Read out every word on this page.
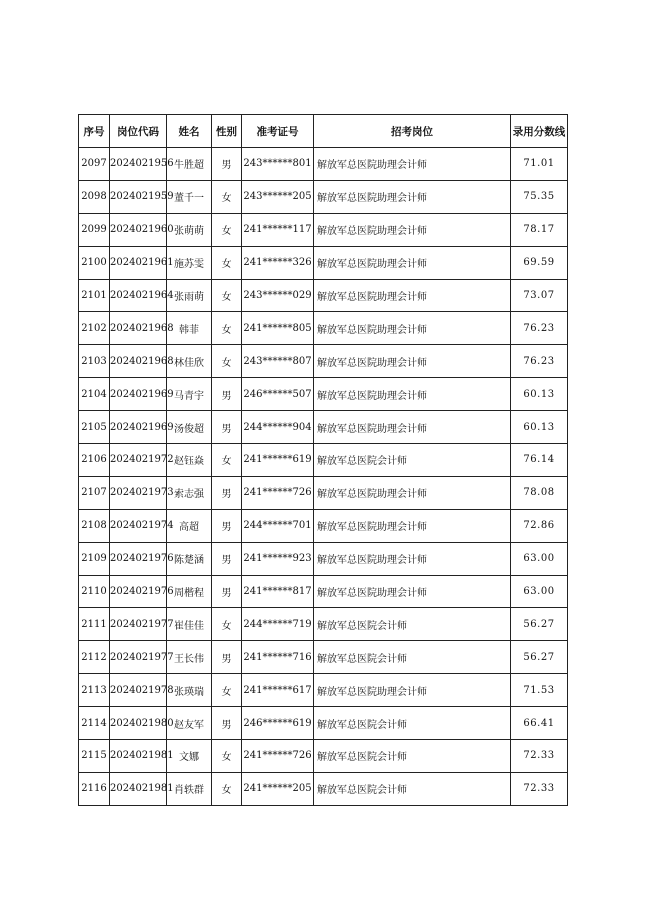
序号	岗位代码	姓名	性别	准考证号	招考岗位	录用分数线
2097	2024021956	牛胜超	男	243******801	解放军总医院助理会计师	71.01
2098	2024021959	董千一	女	243******205	解放军总医院助理会计师	75.35
2099	2024021960	张萌萌	女	241******117	解放军总医院助理会计师	78.17
2100	2024021961	施苏雯	女	241******326	解放军总医院助理会计师	69.59
2101	2024021964	张雨萌	女	243******029	解放军总医院助理会计师	73.07
2102	2024021968	韩菲	女	241******805	解放军总医院助理会计师	76.23
2103	2024021968	林佳欣	女	243******807	解放军总医院助理会计师	76.23
2104	2024021969	马青宇	男	246******507	解放军总医院助理会计师	60.13
2105	2024021969	汤俊超	男	244******904	解放军总医院助理会计师	60.13
2106	2024021972	赵钰焱	女	241******619	解放军总医院会计师	76.14
2107	2024021973	索志强	男	241******726	解放军总医院助理会计师	78.08
2108	2024021974	高超	男	244******701	解放军总医院助理会计师	72.86
2109	2024021976	陈楚涵	男	241******923	解放军总医院助理会计师	63.00
2110	2024021976	周楷程	男	241******817	解放军总医院助理会计师	63.00
2111	2024021977	崔佳佳	女	244******719	解放军总医院会计师	56.27
2112	2024021977	王长伟	男	241******716	解放军总医院会计师	56.27
2113	2024021978	张瑛瑞	女	241******617	解放军总医院助理会计师	71.53
2114	2024021980	赵友军	男	246******619	解放军总医院会计师	66.41
2115	2024021981	文娜	女	241******726	解放军总医院会计师	72.33
2116	2024021981	肖轶群	女	241******205	解放军总医院会计师	72.33
